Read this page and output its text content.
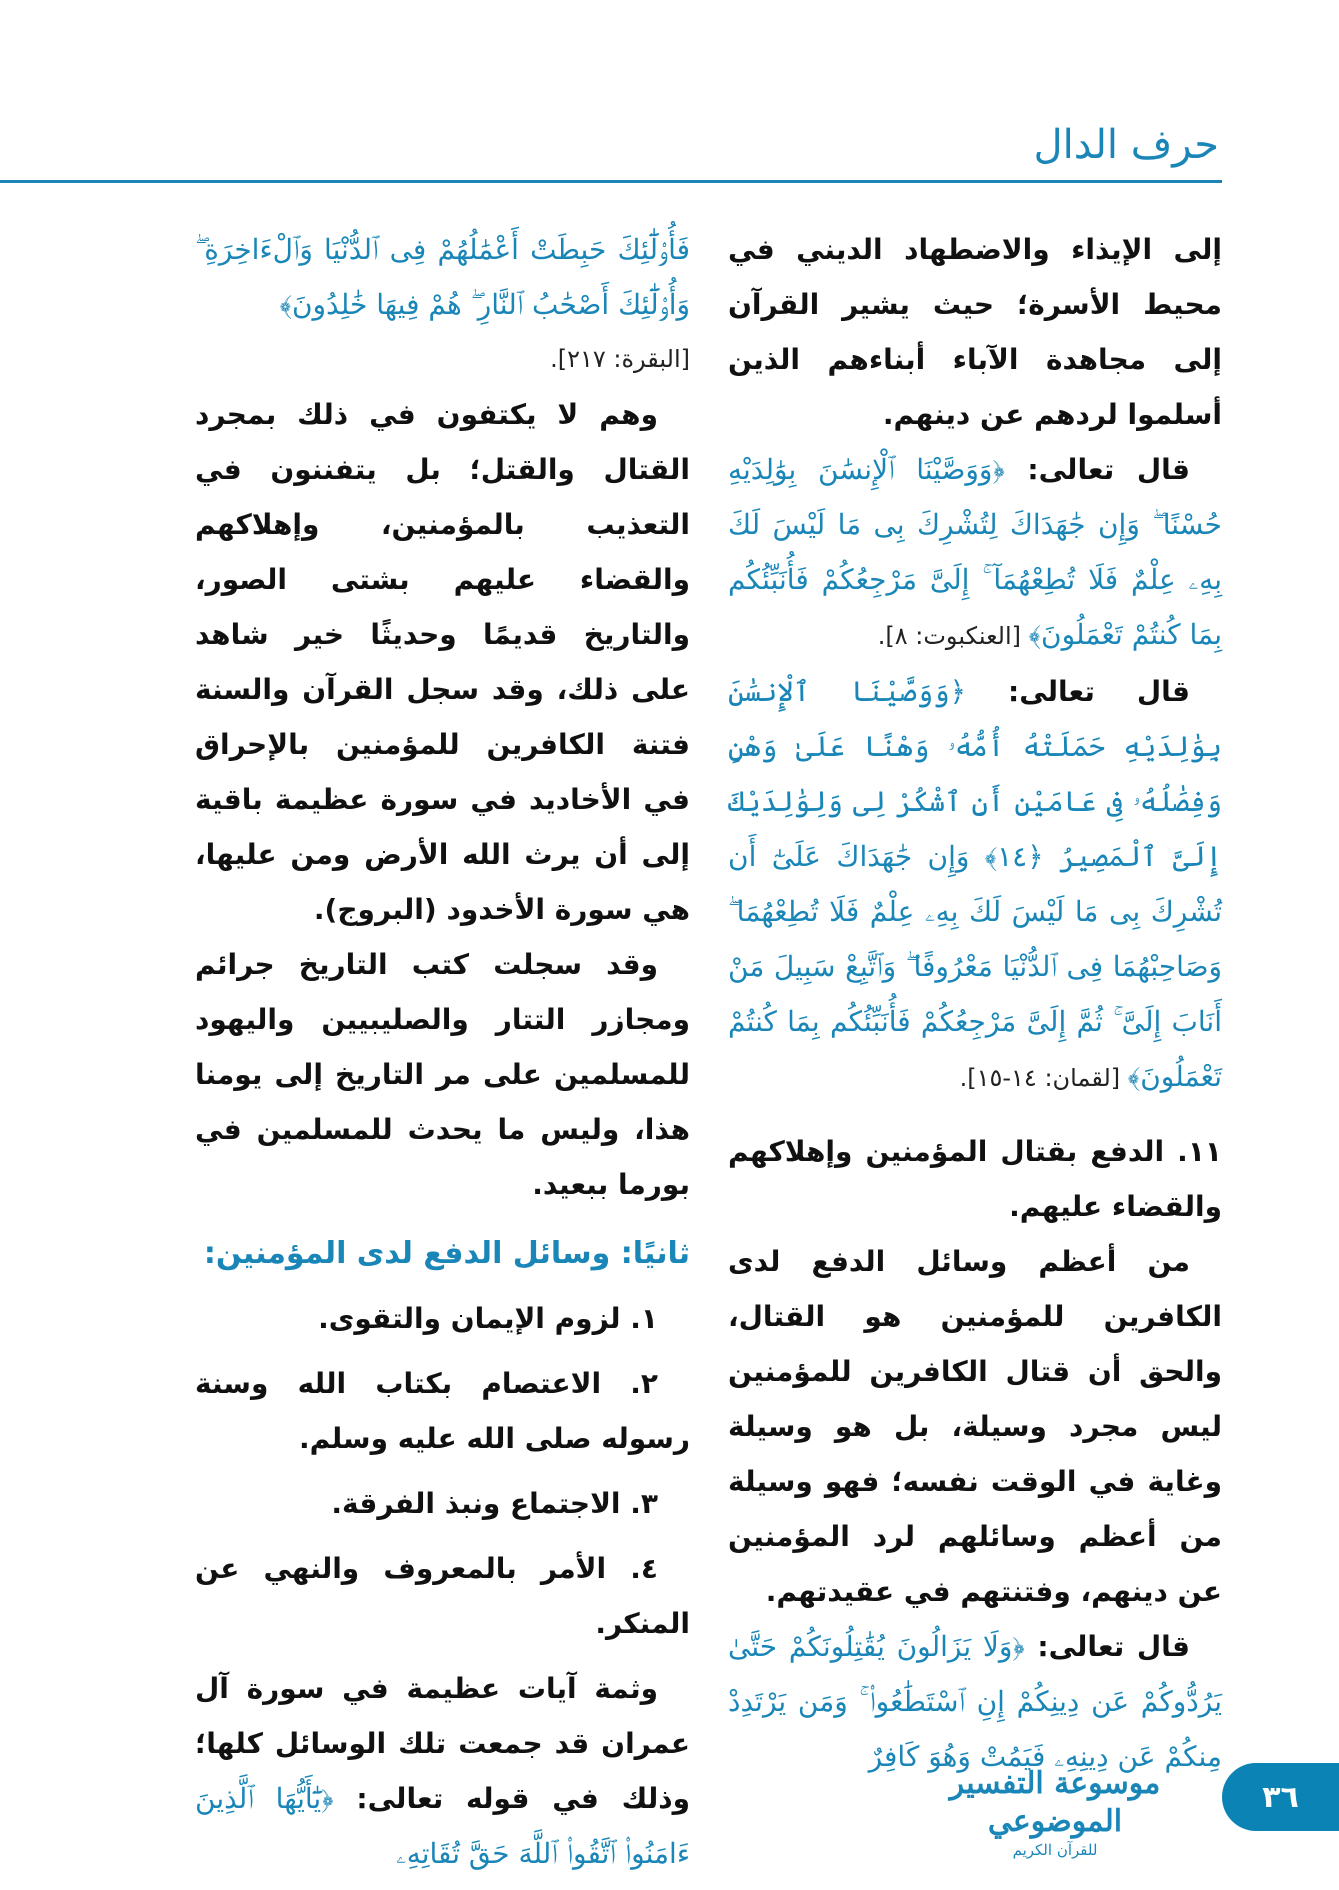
حرف الدال

إلى الإيذاء والاضطهاد الديني في محيط الأسرة؛ حيث يشير القرآن إلى مجاهدة الآباء أبناءهم الذين أسلموا لردهم عن دينهم.

قال تعالى: ﴿وَوَصَّيْنَا ٱلْإِنسَٰنَ بِوَٰلِدَيْهِ حُسْنًا ۖ وَإِن جَٰهَدَاكَ لِتُشْرِكَ بِى مَا لَيْسَ لَكَ بِهِۦ عِلْمٌ فَلَا تُطِعْهُمَآ ۚ إِلَىَّ مَرْجِعُكُمْ فَأُنَبِّئُكُم بِمَا كُنتُمْ تَعْمَلُونَ﴾ [العنكبوت: ٨].

قال تعالى: ﴿وَوَصَّيْنَا ٱلْإِنسَٰنَ بِوَٰلِدَيْهِ حَمَلَتْهُ أُمُّهُۥ وَهْنًا عَلَىٰ وَهْنٍ وَفِصَٰلُهُۥ فِى عَامَيْنِ أَنِ ٱشْكُرْ لِى وَلِوَٰلِدَيْكَ إِلَىَّ ٱلْمَصِيرُ ﴿١٤﴾ وَإِن جَٰهَدَاكَ عَلَىٰٓ أَن تُشْرِكَ بِى مَا لَيْسَ لَكَ بِهِۦ عِلْمٌ فَلَا تُطِعْهُمَا ۖ وَصَاحِبْهُمَا فِى ٱلدُّنْيَا مَعْرُوفًا ۖ وَٱتَّبِعْ سَبِيلَ مَنْ أَنَابَ إِلَىَّ ۚ ثُمَّ إِلَىَّ مَرْجِعُكُمْ فَأُنَبِّئُكُم بِمَا كُنتُمْ تَعْمَلُونَ﴾ [لقمان: ١٤-١٥].

١١. الدفع بقتال المؤمنين وإهلاكهم والقضاء عليهم.

من أعظم وسائل الدفع لدى الكافرين للمؤمنين هو القتال، والحق أن قتال الكافرين للمؤمنين ليس مجرد وسيلة، بل هو وسيلة وغاية في الوقت نفسه؛ فهو وسيلة من أعظم وسائلهم لرد المؤمنين عن دينهم، وفتنتهم في عقيدتهم.

قال تعالى: ﴿وَلَا يَزَالُونَ يُقَٰتِلُونَكُمْ حَتَّىٰ يَرُدُّوكُمْ عَن دِينِكُمْ إِنِ ٱسْتَطَٰعُوا۟ ۚ وَمَن يَرْتَدِدْ مِنكُمْ عَن دِينِهِۦ فَيَمُتْ وَهُوَ كَافِرٌ

فَأُو۟لَٰٓئِكَ حَبِطَتْ أَعْمَٰلُهُمْ فِى ٱلدُّنْيَا وَٱلْءَاخِرَةِ ۖ وَأُو۟لَٰٓئِكَ أَصْحَٰبُ ٱلنَّارِ ۖ هُمْ فِيهَا خَٰلِدُونَ﴾

[البقرة: ٢١٧].

وهم لا يكتفون في ذلك بمجرد القتال والقتل؛ بل يتفننون في التعذيب بالمؤمنين، وإهلاكهم والقضاء عليهم بشتى الصور، والتاريخ قديمًا وحديثًا خير شاهد على ذلك، وقد سجل القرآن والسنة فتنة الكافرين للمؤمنين بالإحراق في الأخاديد في سورة عظيمة باقية إلى أن يرث الله الأرض ومن عليها، هي سورة الأخدود (البروج).

وقد سجلت كتب التاريخ جرائم ومجازر التتار والصليبيين واليهود للمسلمين على مر التاريخ إلى يومنا هذا، وليس ما يحدث للمسلمين في بورما ببعيد.

ثانيًا: وسائل الدفع لدى المؤمنين:

١. لزوم الإيمان والتقوى.

٢. الاعتصام بكتاب الله وسنة رسوله صلى الله عليه وسلم.

٣. الاجتماع ونبذ الفرقة.

٤. الأمر بالمعروف والنهي عن المنكر.

وثمة آيات عظيمة في سورة آل عمران قد جمعت تلك الوسائل كلها؛ وذلك في قوله تعالى: ﴿يَٰٓأَيُّهَا ٱلَّذِينَ ءَامَنُوا۟ ٱتَّقُوا۟ ٱللَّهَ حَقَّ تُقَاتِهِۦ

موسوعة التفسير الموضوعي
للقرآن الكريم
٣٦
